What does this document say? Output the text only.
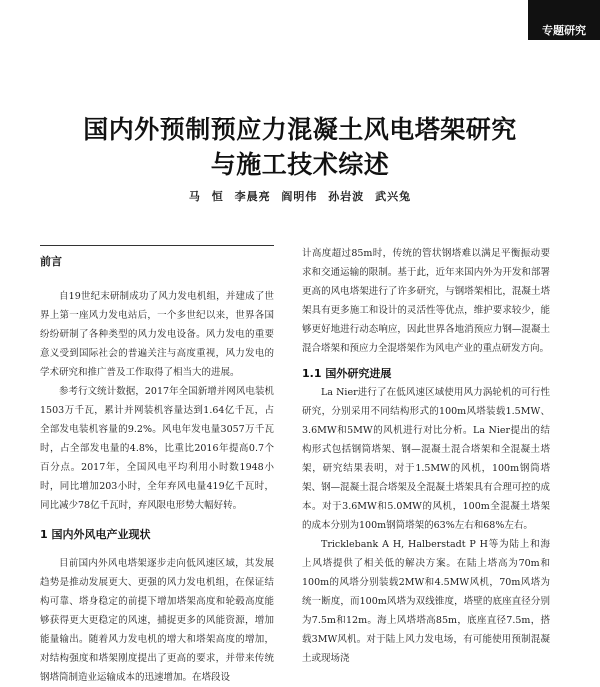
专题研究
国内外预制预应力混凝土风电塔架研究
与施工技术综述
马 恒 李晨亮 阎明伟 孙岩波 武兴兔
前言

自19世纪末研制成功了风力发电机组，并建成了世界上第一座风力发电站后，一个多世纪以来，世界各国纷纷研制了各种类型的风力发电设备。风力发电的重要意义受到国际社会的普遍关注与高度重视，风力发电的学术研究和推广普及工作取得了相当大的进展。

参考行文统计数据，2017年全国新增并网风电装机1503万千瓦，累计并网装机容量达到1.64亿千瓦，占全部发电装机容量的9.2%。风电年发电量3057万千瓦时，占全部发电量的4.8%，比重比2016年提高0.7个百分点。2017年，全国风电平均利用小时数1948小时，同比增加203小时，全年弃风电量419亿千瓦时，同比减少78亿千瓦时，弃风限电形势大幅好转。

1 国内外风电产业现状

目前国内外风电塔架逐步走向低风速区域，其发展趋势是推动发展更大、更强的风力发电机组，在保证结构可靠、塔身稳定的前提下增加塔架高度和轮毂高度能够获得更大更稳定的风速，捕捉更多的风能资源，增加能量输出。随着风力发电机的增大和塔架高度的增加，对结构强度和塔架刚度提出了更高的要求，并带来传统钢塔筒制造业运输成本的迅速增加。在塔段设

计高度超过85m时，传统的管状钢塔难以满足平衡振动要求和交通运输的限制。基于此，近年来国内外为开发和部署更高的风电塔架进行了许多研究，与钢塔架相比，混凝土塔架具有更多施工和设计的灵活性等优点，维护要求较少，能够更好地进行动态响应，因此世界各地消预应力钢—混凝土混合塔架和预应力全混塔架作为风电产业的重点研发方向。

1.1 国外研究进展

La Nier进行了在低风速区域使用风力涡轮机的可行性研究，分别采用不同结构形式的100m风塔装载1.5MW、3.6MW和5MW的风机进行对比分析。La Nier提出的结构形式包括钢筒塔架、钢—混凝土混合塔架和全混凝土塔架，研究结果表明，对于1.5MW的风机，100m钢筒塔架、钢—混凝土混合塔架及全混凝土塔架具有合理可控的成本。对于3.6MW和5.0MW的风机，100m全混凝土塔架的成本分别为100m钢筒塔架的63%左右和68%左右。

Tricklebank A H, Halberstadt P H等为陆上和海上风塔提供了相关低的解决方案。在陆上塔高为70m和100m的风塔分别装载2MW和4.5MW风机，70m风塔为统一断度，而100m风塔为双线锥度，塔壁的底座直径分别为7.5m和12m。海上风塔塔高85m，底座直径7.5m，搭载3MW风机。对于陆上风力发电场，有可能使用预制混凝土或现场浇
